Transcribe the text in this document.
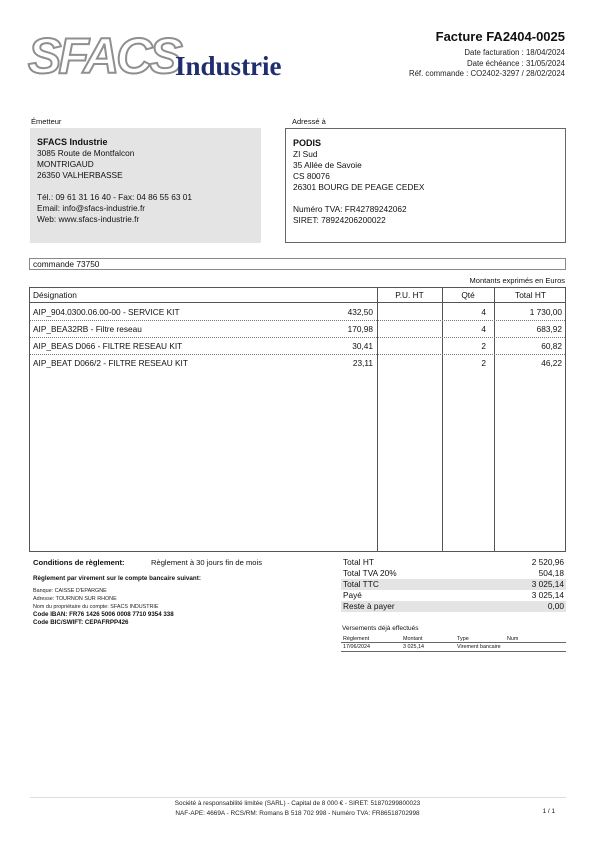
SFACS
Industrie
Facture FA2404-0025
Date facturation : 18/04/2024
Date échéance : 31/05/2024
Réf. commande : CO2402-3297 / 28/02/2024
Émetteur
SFACS Industrie
3085 Route de Montfalcon
MONTRIGAUD
26350 VALHERBASSE
Tél.: 09 61 31 16 40 - Fax: 04 86 55 63 01
Email: info@sfacs-industrie.fr
Web: www.sfacs-industrie.fr
Adressé à
PODIS
ZI Sud
35 Allée de Savoie
CS 80076
26301 BOURG DE PEAGE CEDEX
Numéro TVA: FR42789242062
SIRET: 78924206200022
commande 73750
Montants exprimés en Euros
Désignation	P.U. HT	Qté	Total HT
AIP_904.0300.06.00-00 - SERVICE KIT	432,50	4	1 730,00
AIP_BEA32RB - Filtre reseau	170,98	4	683,92
AIP_BEAS D066 - FILTRE RESEAU KIT	30,41	2	60,82
AIP_BEAT D066/2 - FILTRE RESEAU KIT	23,11	2	46,22
Conditions de règlement:	Règlement à 30 jours fin de mois
Règlement par virement sur le compte bancaire suivant:
Banque: CAISSE D'EPARGNE
Adresse: TOURNON SUR RHONE
Nom du propriétaire du compte: SFACS INDUSTRIE
Code IBAN: FR76 1426 5006 0008 7710 9354 338
Code BIC/SWIFT: CEPAFRPP426
Total HT	2 520,96
Total TVA 20%	504,18
Total TTC	3 025,14
Payé	3 025,14
Reste à payer	0,00
Versements déjà effectués
Règlement	Montant	Type	Num
17/06/2024	3 025,14	Virement bancaire
Société à responsabilité limitée (SARL) - Capital de 8 000 € - SIRET: 51870299800023
NAF-APE: 4669A - RCS/RM: Romans B 518 702 998 - Numéro TVA: FR86518702998	1 / 1
